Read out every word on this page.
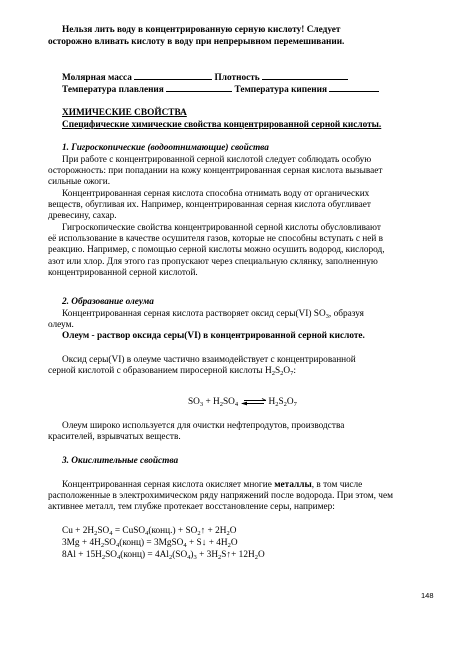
Нельзя лить воду в концентрированную серную кислоту! Следует
осторожно вливать кислоту в воду при непрерывном перемешивании.
Молярная масса	Плотность
Температура плавления	Температура кипения
ХИМИЧЕСКИЕ СВОЙСТВА
Специфические химические свойства концентрированной серной кислоты.
1. Гигроскопические (водоотнимающие) свойства
При работе с концентрированной серной кислотой следует соблюдать особую
осторожность: при попадании на кожу концентрированная серная кислота вызывает
сильные ожоги.
Концентрированная серная кислота способна отнимать воду от органических
веществ, обугливая их. Например, концентрированная серная кислота обугливает
древесину, сахар.
Гигроскопические свойства концентрированной серной кислоты обусловливают
её использование в качестве осушителя газов, которые не способны вступать с ней в
реакцию. Например, с помощью серной кислоты можно осушить водород, кислород,
азот или хлор. Для этого газ пропускают через специальную склянку, заполненную
концентрированной серной кислотой.
2. Образование олеума
Концентрированная серная кислота растворяет оксид серы(VI) $SO_3$, образуя
олеум.
Олеум - раствор оксида серы(VI) в концентрированной серной кислоте.
Оксид серы(VI) в олеуме частично взаимодействует с концентрированной
серной кислотой с образованием пиросерной кислоты $H_2S_2O_7$:
$SO_3 + H_2SO_4$ $\rightleftharpoons H_2S_2O_7$
Олеум широко используется для очистки нефтепродутов, производства
красителей, взрывчатых веществ.
3. Окислительные свойства
Концентрированная серная кислота окисляет многие металлы, в том числе
расположенные в электрохимическом ряду напряжений после водорода. При этом, чем
активнее металл, тем глубже протекает восстановление серы, например:
$Cu + 2H_2SO_4$ = CuSO$_4$(конц.) + $SO_2↑ + 2H_2O$
$3Mg + 4H_2SO_4(конц)$ = 3MgSO$_4$ + S↓ + $4H_2O$
$8Al + 15H_2SO_4(конц) = 4Al_2(SO_4)_3$ + $3H_2S↑+ 12H_2O$
148
